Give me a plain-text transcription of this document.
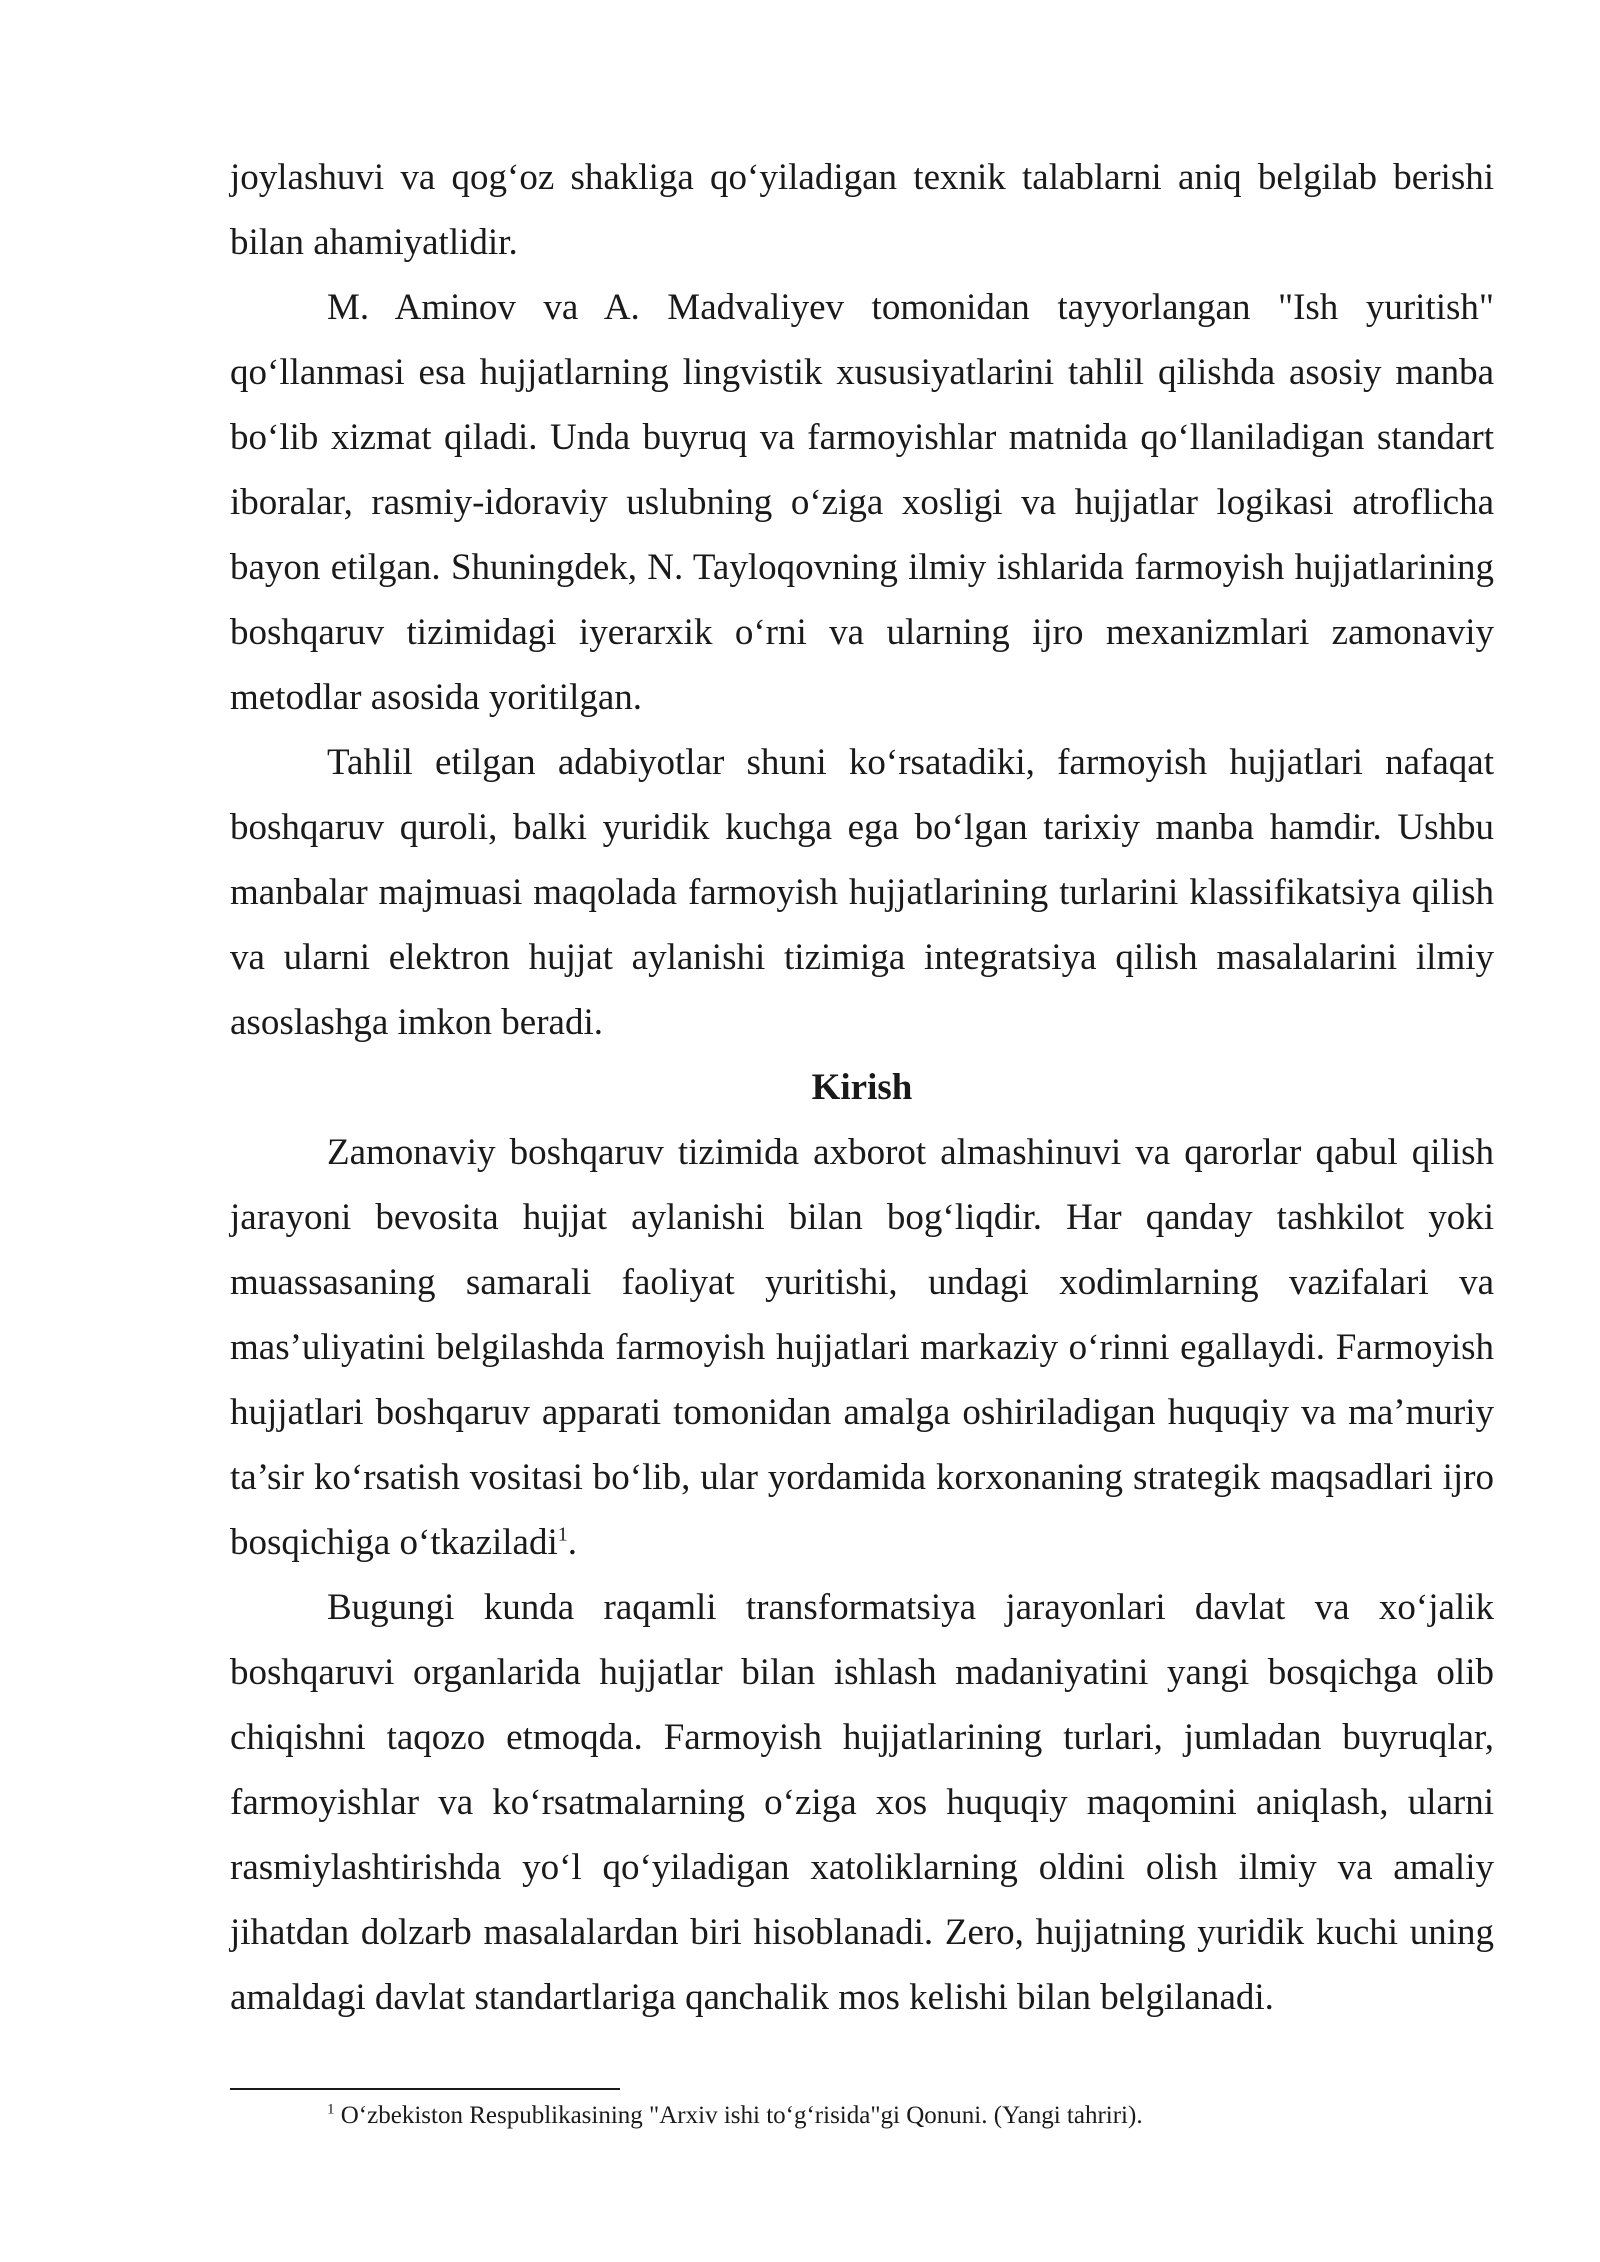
joylashuvi va qog‘oz shakliga qo‘yiladigan texnik talablarni aniq belgilab berishi bilan ahamiyatlidir.

M. Aminov va A. Madvaliyev tomonidan tayyorlangan "Ish yuritish" qo‘llanmasi esa hujjatlarning lingvistik xususiyatlarini tahlil qilishda asosiy manba bo‘lib xizmat qiladi. Unda buyruq va farmoyishlar matnida qo‘llaniladigan standart iboralar, rasmiy-idoraviy uslubning o‘ziga xosligi va hujjatlar logikasi atroflicha bayon etilgan. Shuningdek, N. Tayloqovning ilmiy ishlarida farmoyish hujjatlarining boshqaruv tizimidagi iyerarxik o‘rni va ularning ijro mexanizmlari zamonaviy metodlar asosida yoritilgan.

Tahlil etilgan adabiyotlar shuni ko‘rsatadiki, farmoyish hujjatlari nafaqat boshqaruv quroli, balki yuridik kuchga ega bo‘lgan tarixiy manba hamdir. Ushbu manbalar majmuasi maqolada farmoyish hujjatlarining turlarini klassifikatsiya qilish va ularni elektron hujjat aylanishi tizimiga integratsiya qilish masalalarini ilmiy asoslashga imkon beradi.

Kirish

Zamonaviy boshqaruv tizimida axborot almashinuvi va qarorlar qabul qilish jarayoni bevosita hujjat aylanishi bilan bog‘liqdir. Har qanday tashkilot yoki muassasaning samarali faoliyat yuritishi, undagi xodimlarning vazifalari va mas’uliyatini belgilashda farmoyish hujjatlari markaziy o‘rinni egallaydi. Farmoyish hujjatlari boshqaruv apparati tomonidan amalga oshiriladigan huquqiy va ma’muriy ta’sir ko‘rsatish vositasi bo‘lib, ular yordamida korxonaning strategik maqsadlari ijro bosqichiga o‘tkaziladi$^1$.

Bugungi kunda raqamli transformatsiya jarayonlari davlat va xo‘jalik boshqaruvi organlarida hujjatlar bilan ishlash madaniyatini yangi bosqichga olib chiqishni taqozo etmoqda. Farmoyish hujjatlarining turlari, jumladan buyruqlar, farmoyishlar va ko‘rsatmalarning o‘ziga xos huquqiy maqomini aniqlash, ularni rasmiylashtirishda yo‘l qo‘yiladigan xatoliklarning oldini olish ilmiy va amaliy jihatdan dolzarb masalalardan biri hisoblanadi. Zero, hujjatning yuridik kuchi uning amaldagi davlat standartlariga qanchalik mos kelishi bilan belgilanadi.

$^1$ O‘zbekiston Respublikasining "Arxiv ishi to‘g‘risida"gi Qonuni. (Yangi tahriri).
